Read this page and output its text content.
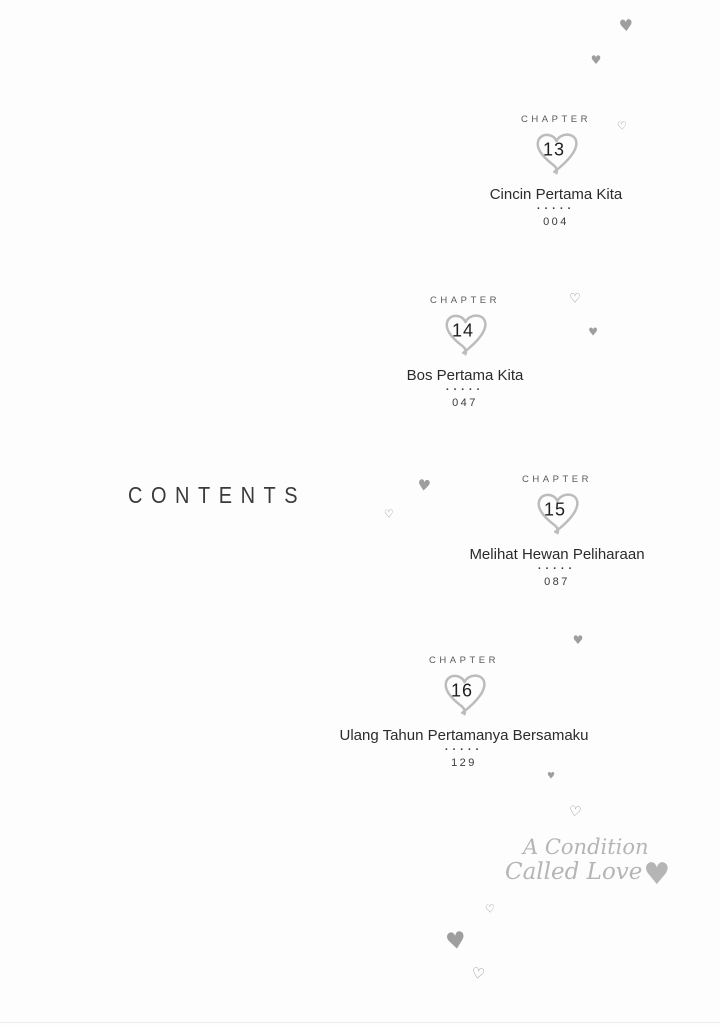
CONTENTS
CHAPTER
13
Cincin Pertama Kita
·····
004
CHAPTER
14
Bos Pertama Kita
·····
047
CHAPTER
15
Melihat Hewan Peliharaan
·····
087
CHAPTER
16
Ulang Tahun Pertamanya Bersamaku
·····
129
A Condition
Called Love ♥
♥
♥
♡
♡
♥
♥
♡
♥
♥
♡
♡
♥
♡
